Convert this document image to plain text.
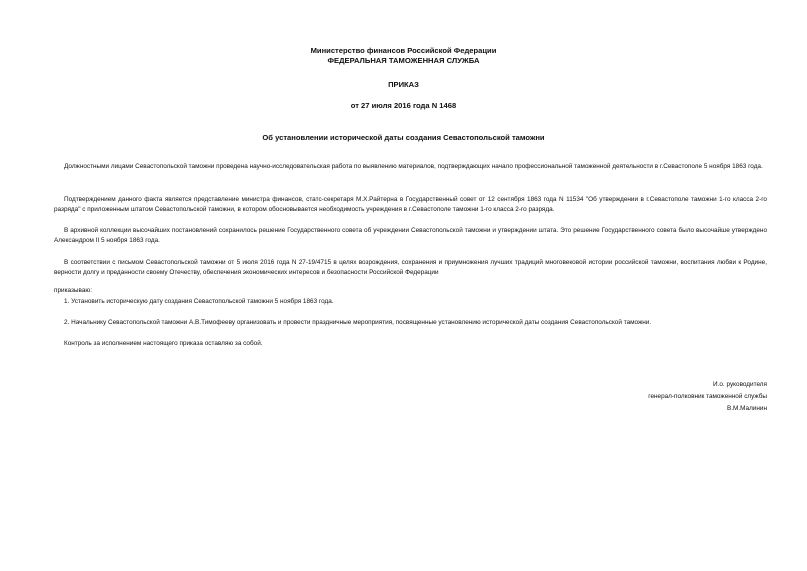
Министерство финансов Российской Федерации
ФЕДЕРАЛЬНАЯ ТАМОЖЕННАЯ СЛУЖБА
ПРИКАЗ
от 27 июля 2016 года N 1468
Об установлении исторической даты создания Севастопольской таможни
Должностными лицами Севастопольской таможни проведена научно-исследовательская работа по выявлению материалов, подтверждающих начало профессиональной таможенной деятельности в г.Севастополе 5 ноября 1863 года.
Подтверждением данного факта является представление министра финансов, статс-секретаря М.Х.Райтерна в Государственный совет от 12 сентября 1863 года N 11534 "Об утверждении в г.Севастополе таможни 1-го класса 2-го разряда" с приложенным штатом Севастопольской таможни, в котором обосновывается необходимость учреждения в г.Севастополе таможни 1-го класса 2-го разряда.
В архивной коллекции высочайших постановлений сохранилось решение Государственного совета об учреждении Севастопольской таможни и утверждении штата. Это решение Государственного совета было высочайше утверждено Александром II 5 ноября 1863 года.
В соответствии с письмом Севастопольской таможни от 5 июля 2016 года N 27-19/4715 в целях возрождения, сохранения и приумножения лучших традиций многовековой истории российской таможни, воспитания любви к Родине, верности долгу и преданности своему Отечеству, обеспечения экономических интересов и безопасности Российской Федерации
приказываю:
1. Установить историческую дату создания Севастопольской таможни 5 ноября 1863 года.
2. Начальнику Севастопольской таможни А.В.Тимофееву организовать и провести праздничные мероприятия, посвященные установлению исторической даты создания Севастопольской таможни.
Контроль за исполнением настоящего приказа оставляю за собой.
И.о. руководителя
генерал-полковник таможенной службы
В.М.Малинин
